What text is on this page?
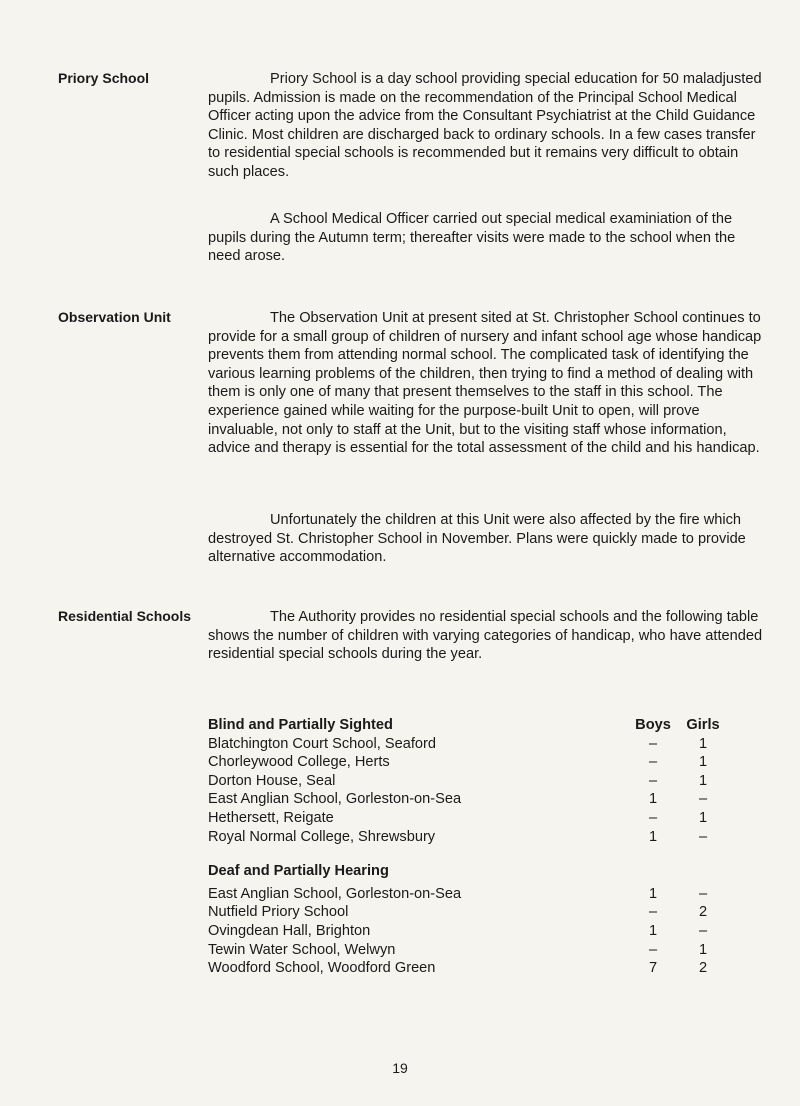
Priory School	Priory School is a day school providing special education for 50 maladjusted pupils. Admission is made on the recommendation of the Principal School Medical Officer acting upon the advice from the Consultant Psychiatrist at the Child Guidance Clinic. Most children are discharged back to ordinary schools. In a few cases transfer to residential special schools is recommended but it remains very difficult to obtain such places.
A School Medical Officer carried out special medical examiniation of the pupils during the Autumn term; thereafter visits were made to the school when the need arose.
Observation Unit	The Observation Unit at present sited at St. Christopher School continues to provide for a small group of children of nursery and infant school age whose handicap prevents them from attending normal school. The complicated task of identifying the various learning problems of the children, then trying to find a method of dealing with them is only one of many that present themselves to the staff in this school. The experience gained while waiting for the purpose-built Unit to open, will prove invaluable, not only to staff at the Unit, but to the visiting staff whose information, advice and therapy is essential for the total assessment of the child and his handicap.
Unfortunately the children at this Unit were also affected by the fire which destroyed St. Christopher School in November. Plans were quickly made to provide alternative accommodation.
Residential Schools	The Authority provides no residential special schools and the following table shows the number of children with varying categories of handicap, who have attended residential special schools during the year.
Blind and Partially Sighted	Boys	Girls
Blatchington Court School, Seaford	–	1
Chorleywood College, Herts	–	1
Dorton House, Seal	–	1
East Anglian School, Gorleston-on-Sea	1	–
Hethersett, Reigate	–	1
Royal Normal College, Shrewsbury	1	–
Deaf and Partially Hearing
East Anglian School, Gorleston-on-Sea	1	–
Nutfield Priory School	–	2
Ovingdean Hall, Brighton	1	–
Tewin Water School, Welwyn	–	1
Woodford School, Woodford Green	7	2
19
